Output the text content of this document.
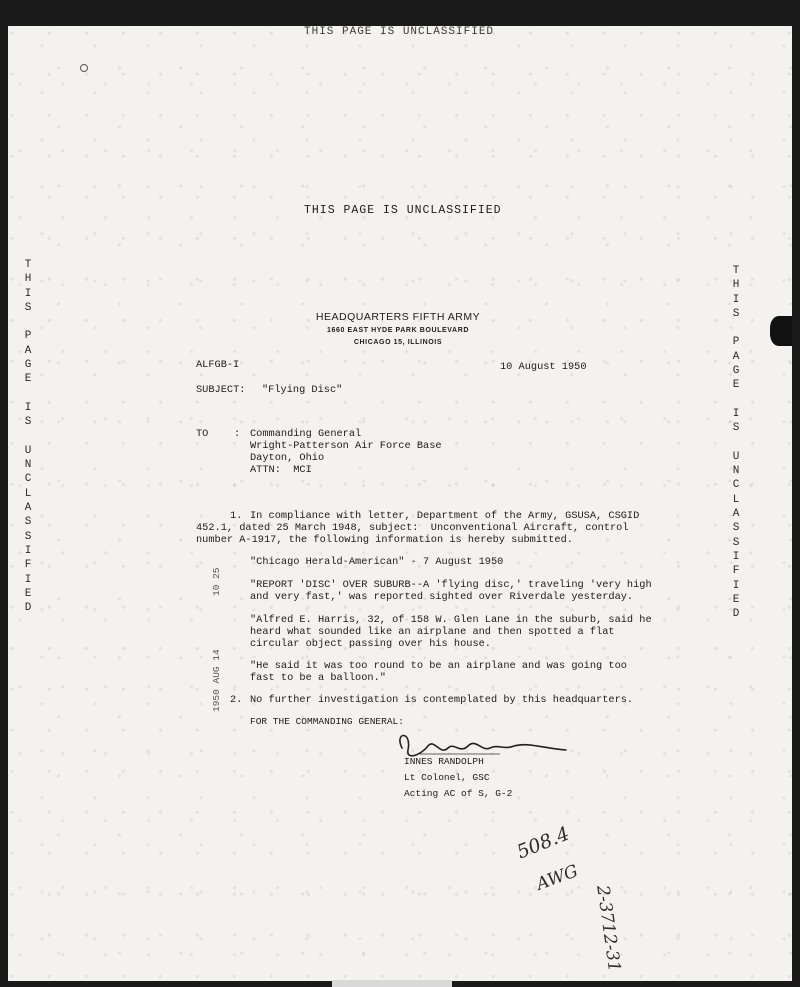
THIS PAGE IS UNCLASSIFIED
THIS PAGE IS UNCLASSIFIED
T
H
I
S

P
A
G
E

I
S

U
N
C
L
A
S
S
I
F
I
E
D
T
H
I
S

P
A
G
E

I
S

U
N
C
L
A
S
S
I
F
I
E
D
HEADQUARTERS FIFTH ARMY
1660 EAST HYDE PARK BOULEVARD
CHICAGO 15, ILLINOIS
ALFGB-I	10 August 1950
SUBJECT: "Flying Disc"
TO : Commanding General
Wright-Patterson Air Force Base
Dayton, Ohio
ATTN:  MCI
1. In compliance with letter, Department of the Army, GSUSA, CSGID
452.1, dated 25 March 1948, subject:  Unconventional Aircraft, control
number A-1917, the following information is hereby submitted.
"Chicago Herald-American" - 7 August 1950
"REPORT 'DISC' OVER SUBURB--A 'flying disc,' traveling 'very high
and very fast,' was reported sighted over Riverdale yesterday.
"Alfred E. Harris, 32, of 158 W. Glen Lane in the suburb, said he
heard what sounded like an airplane and then spotted a flat
circular object passing over his house.
"He said it was too round to be an airplane and was going too
fast to be a balloon."
2. No further investigation is contemplated by this headquarters.
FOR THE COMMANDING GENERAL:
INNES RANDOLPH
Lt Colonel, GSC
Acting AC of S, G-2
1950 AUG 14
10 25
508.4
AWG
2-3712-31
